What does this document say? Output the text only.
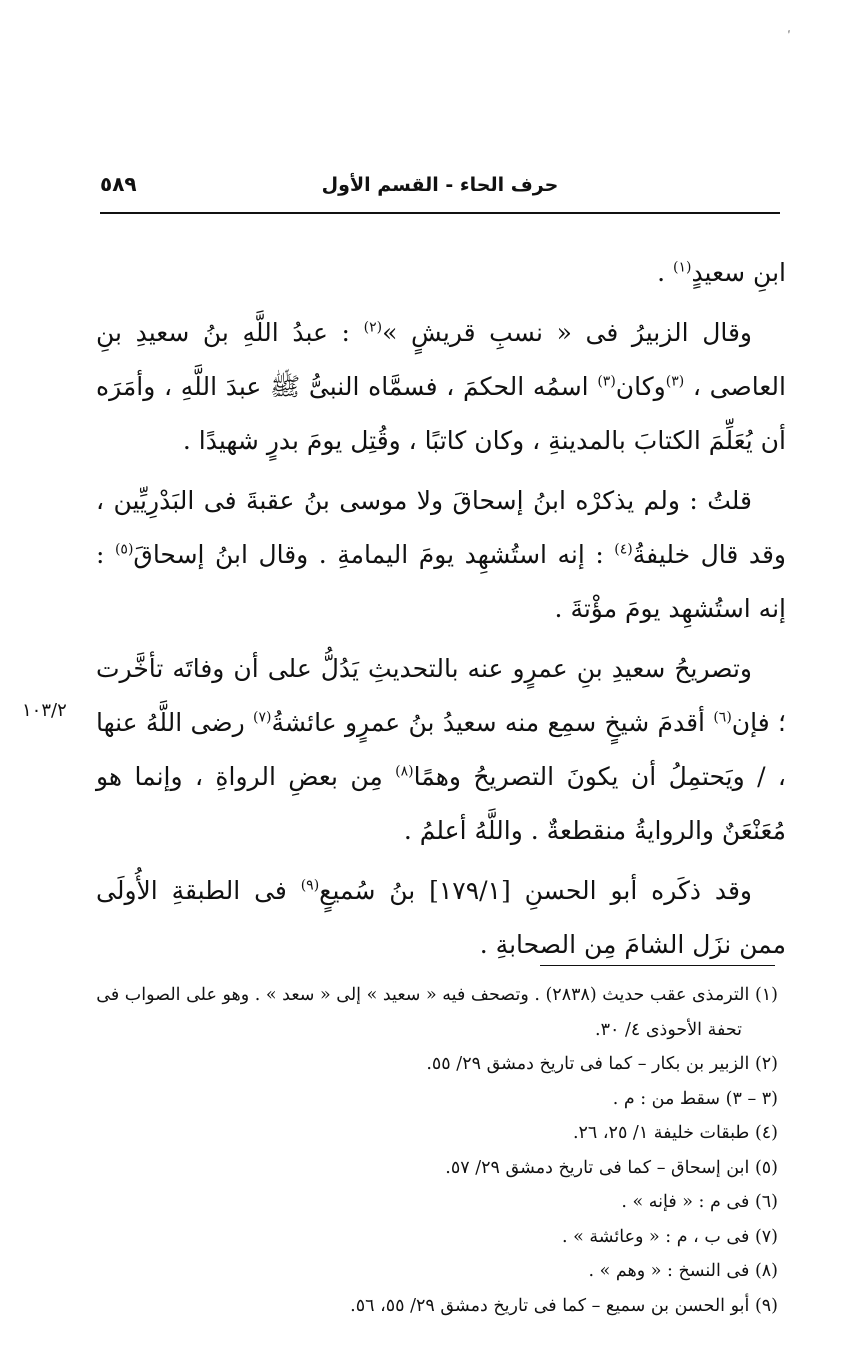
′
حرف الحاء - القسم الأول
٥٨٩

ابنِ سعيدٍ$^{(١)}$ .

وقال الزبيرُ فى « نسبِ قريشٍ »$^{(٢)}$ : عبدُ اللَّهِ بنُ سعيدِ بنِ العاصى ، $^{(٣)}$وكان$^{(٣)}$ اسمُه الحكمَ ، فسمَّاه النبىُّ ﷺ عبدَ اللَّهِ ، وأمَرَه أن يُعَلِّمَ الكتابَ بالمدينةِ ، وكان كاتبًا ، وقُتِل يومَ بدرٍ شهيدًا .

قلتُ : ولم يذكرْه ابنُ إسحاقَ ولا موسى بنُ عقبةَ فى البَدْرِيِّين ، وقد قال خليفةُ$^{(٤)}$ : إنه استُشهِد يومَ اليمامةِ . وقال ابنُ إسحاقَ$^{(٥)}$ : إنه استُشهِد يومَ مؤْتةَ .

وتصريحُ سعيدِ بنِ عمرٍو عنه بالتحديثِ يَدُلُّ على أن وفاتَه تأخَّرت ؛ فإن$^{(٦)}$ أقدمَ شيخٍ سمِع منه سعيدُ بنُ عمرٍو عائشةُ$^{(٧)}$ رضى اللَّهُ عنها ، / ويَحتمِلُ أن يكونَ التصريحُ وهمًا$^{(٨)}$ مِن بعضِ الرواةِ ، وإنما هو مُعَنْعَنٌ والروايةُ منقطعةٌ . واللَّهُ أعلمُ .

وقد ذكَره أبو الحسنِ [١٧٩/١] بنُ سُميعٍ$^{(٩)}$ فى الطبقةِ الأُولَى ممن نزَل الشامَ مِن الصحابةِ .

١٠٣/٢

(١) الترمذى عقب حديث (٢٨٣٨) . وتصحف فيه « سعيد » إلى « سعد » . وهو على الصواب فى

تحفة الأحوذى ٤/ ٣٠.

(٢) الزبير بن بكار – كما فى تاريخ دمشق ٢٩/ ٥٥.

(٣ – ٣) سقط من : م .

(٤) طبقات خليفة ١/ ٢٥، ٢٦.

(٥) ابن إسحاق – كما فى تاريخ دمشق ٢٩/ ٥٧.

(٦) فى م : « فإنه » .

(٧) فى ب ، م : « وعائشة » .

(٨) فى النسخ : « وهم » .

(٩) أبو الحسن بن سميع – كما فى تاريخ دمشق ٢٩/ ٥٥، ٥٦.
